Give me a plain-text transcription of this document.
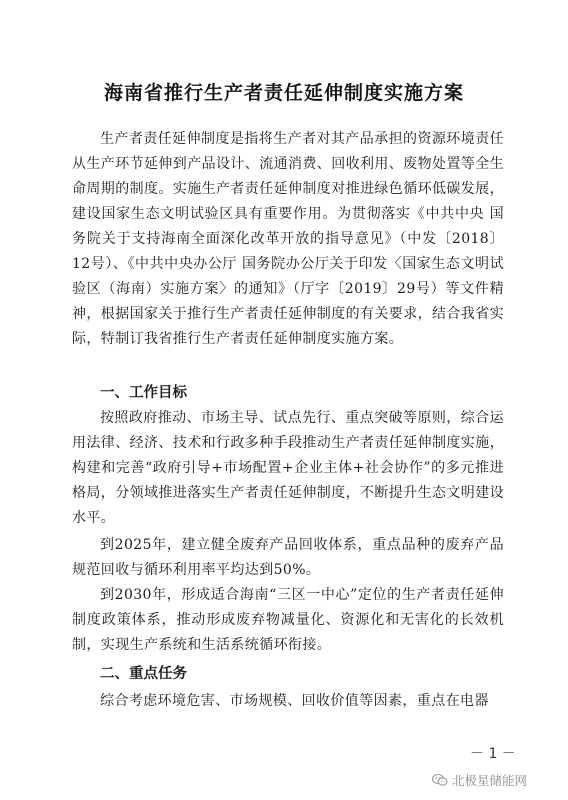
海南省推行生产者责任延伸制度实施方案

生产者责任延伸制度是指将生产者对其产品承担的资源环境责任从生产环节延伸到产品设计、流通消费、回收利用、废物处置等全生命周期的制度。实施生产者责任延伸制度对推进绿色循环低碳发展，建设国家生态文明试验区具有重要作用。为贯彻落实《中共中央 国务院关于支持海南全面深化改革开放的指导意见》（中发〔2018〕12号）、《中共中央办公厅 国务院办公厅关于印发〈国家生态文明试验区（海南）实施方案〉的通知》（厅字〔2019〕29号）等文件精神，根据国家关于推行生产者责任延伸制度的有关要求，结合我省实际，特制订我省推行生产者责任延伸制度实施方案。

一、工作目标

按照政府推动、市场主导、试点先行、重点突破等原则，综合运用法律、经济、技术和行政多种手段推动生产者责任延伸制度实施，构建和完善“政府引导+市场配置+企业主体+社会协作”的多元推进格局，分领域推进落实生产者责任延伸制度，不断提升生态文明建设水平。

到2025年，建立健全废弃产品回收体系，重点品种的废弃产品规范回收与循环利用率平均达到50%。

到2030年，形成适合海南“三区一中心”定位的生产者责任延伸制度政策体系，推动形成废弃物减量化、资源化和无害化的长效机制，实现生产系统和生活系统循环衔接。

二、重点任务

综合考虑环境危害、市场规模、回收价值等因素，重点在电器

－ 1 －
北极星储能网
